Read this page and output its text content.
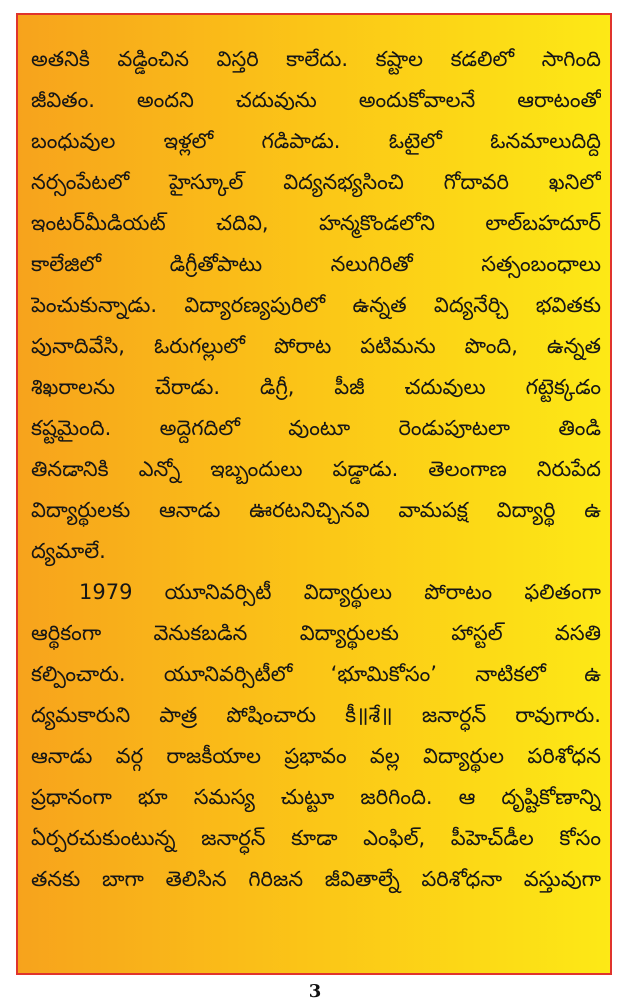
అతనికి వడ్డించిన విస్తరి కాలేదు. కష్టాల కడలిలో సాగింది
జీవితం. అందని చదువును అందుకోవాలనే ఆరాటంతో
బంధువుల ఇళ్లలో గడిపాడు. ఓటైలో ఓనమాలుదిద్ది
నర్సంపేటలో హైస్కూల్ విద్యనభ్యసించి గోదావరి ఖనిలో
ఇంటర్‌మీడియట్ చదివి, హన్మకొండలోని లాల్‌బహదూర్
కాలేజిలో డిగ్రీతోపాటు నలుగిరితో సత్సంబంధాలు
పెంచుకున్నాడు. విద్యారణ్యపురిలో ఉన్నత విద్యనేర్చి భవితకు
పునాదివేసి, ఓరుగల్లులో పోరాట పటిమను పొంది, ఉన్నత
శిఖరాలను చేరాడు. డిగ్రీ, పీజీ చదువులు గట్టెక్కడం
కష్టమైంది. అద్దెగదిలో వుంటూ రెండుపూటలా తిండి
తినడానికి ఎన్నో ఇబ్బందులు పడ్డాడు. తెలంగాణ నిరుపేద
విద్యార్థులకు ఆనాడు ఊరటనిచ్చినవి వామపక్ష విద్యార్థి ఉ
ద్యమాలే.
1979 యూనివర్సిటీ విద్యార్థులు పోరాటం ఫలితంగా
ఆర్థికంగా వెనుకబడిన విద్యార్థులకు హాస్టల్ వసతి
కల్పించారు. యూనివర్సిటీలో ‘భూమికోసం’ నాటికలో ఉ
ద్యమకారుని పాత్ర పోషించారు కీ॥శే॥ జనార్ధన్ రావుగారు.
ఆనాడు వర్గ రాజకీయాల ప్రభావం వల్ల విద్యార్థుల పరిశోధన
ప్రధానంగా భూ సమస్య చుట్టూ జరిగింది. ఆ దృష్టికోణాన్ని
ఏర్పరచుకుంటున్న జనార్ధన్ కూడా ఎంఫిల్, పీహెచ్‌డీల కోసం
తనకు బాగా తెలిసిన గిరిజన జీవితాల్నే పరిశోధనా వస్తువుగా
3
